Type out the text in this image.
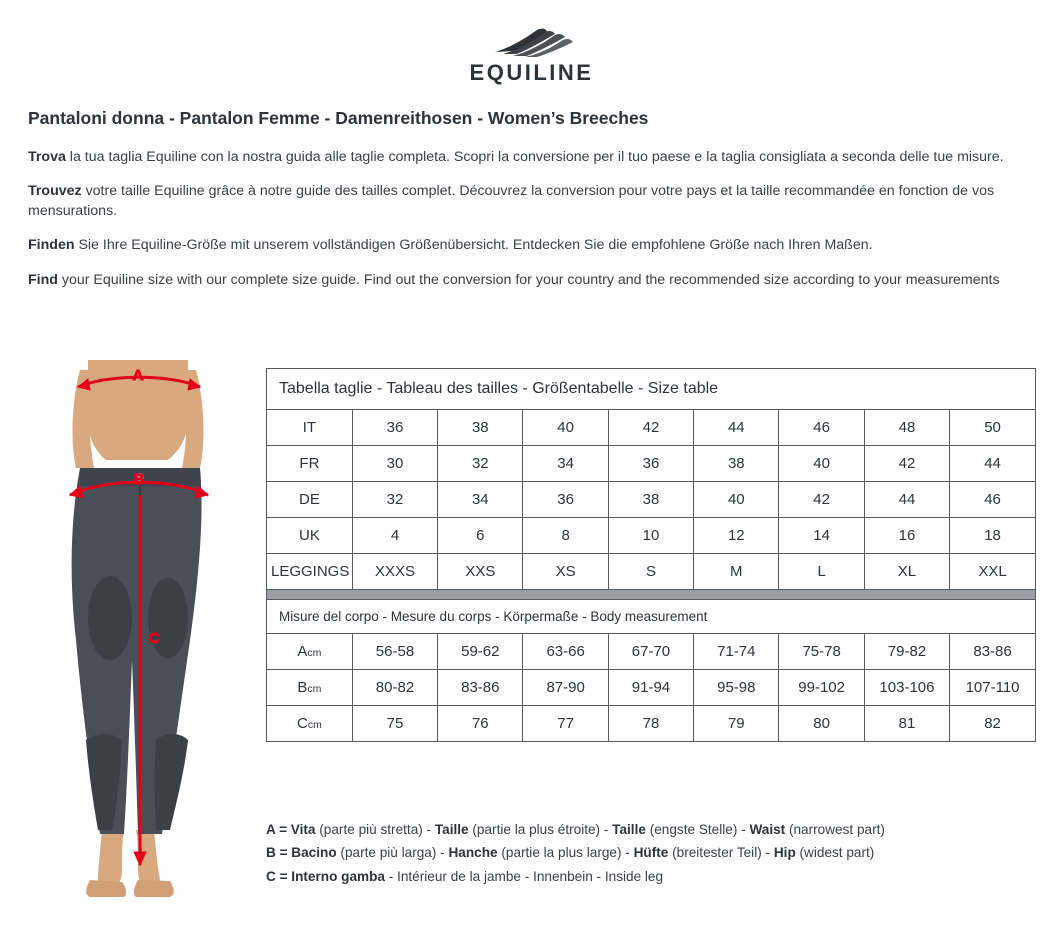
EQUILINE
Pantaloni donna - Pantalon Femme - Damenreithosen - Women’s Breeches
Trova la tua taglia Equiline con la nostra guida alle taglie completa. Scopri la conversione per il tuo paese e la taglia consigliata a seconda delle tue misure.
Trouvez votre taille Equiline grâce à notre guide des tailles complet. Découvrez la conversion pour votre pays et la taille recommandée en fonction de vos mensurations.
Finden Sie Ihre Equiline-Größe mit unserem vollständigen Größenübersicht. Entdecken Sie die empfohlene Größe nach Ihren Maßen.
Find your Equiline size with our complete size guide. Find out the conversion for your country and the recommended size according to your measurements
A
B
C
Tabella taglie - Tableau des tailles - Größentabelle - Size table								
IT	36	38	40	42	44	46	48	50
FR	30	32	34	36	38	40	42	44
DE	32	34	36	38	40	42	44	46
UK	4	6	8	10	12	14	16	18
LEGGINGS	XXXS	XXS	XS	S	M	L	XL	XXL

Misure del corpo - Mesure du corps - Körpermaße - Body measurement								
Acm	56-58	59-62	63-66	67-70	71-74	75-78	79-82	83-86
Bcm	80-82	83-86	87-90	91-94	95-98	99-102	103-106	107-110
Ccm	75	76	77	78	79	80	81	82
A = Vita (parte più stretta) - Taille (partie la plus étroite) - Taille (engste Stelle) - Waist (narrowest part)
B = Bacino (parte più larga) - Hanche (partie la plus large) - Hüfte (breitester Teil) - Hip (widest part)
C = Interno gamba - Intérieur de la jambe - Innenbein - Inside leg
